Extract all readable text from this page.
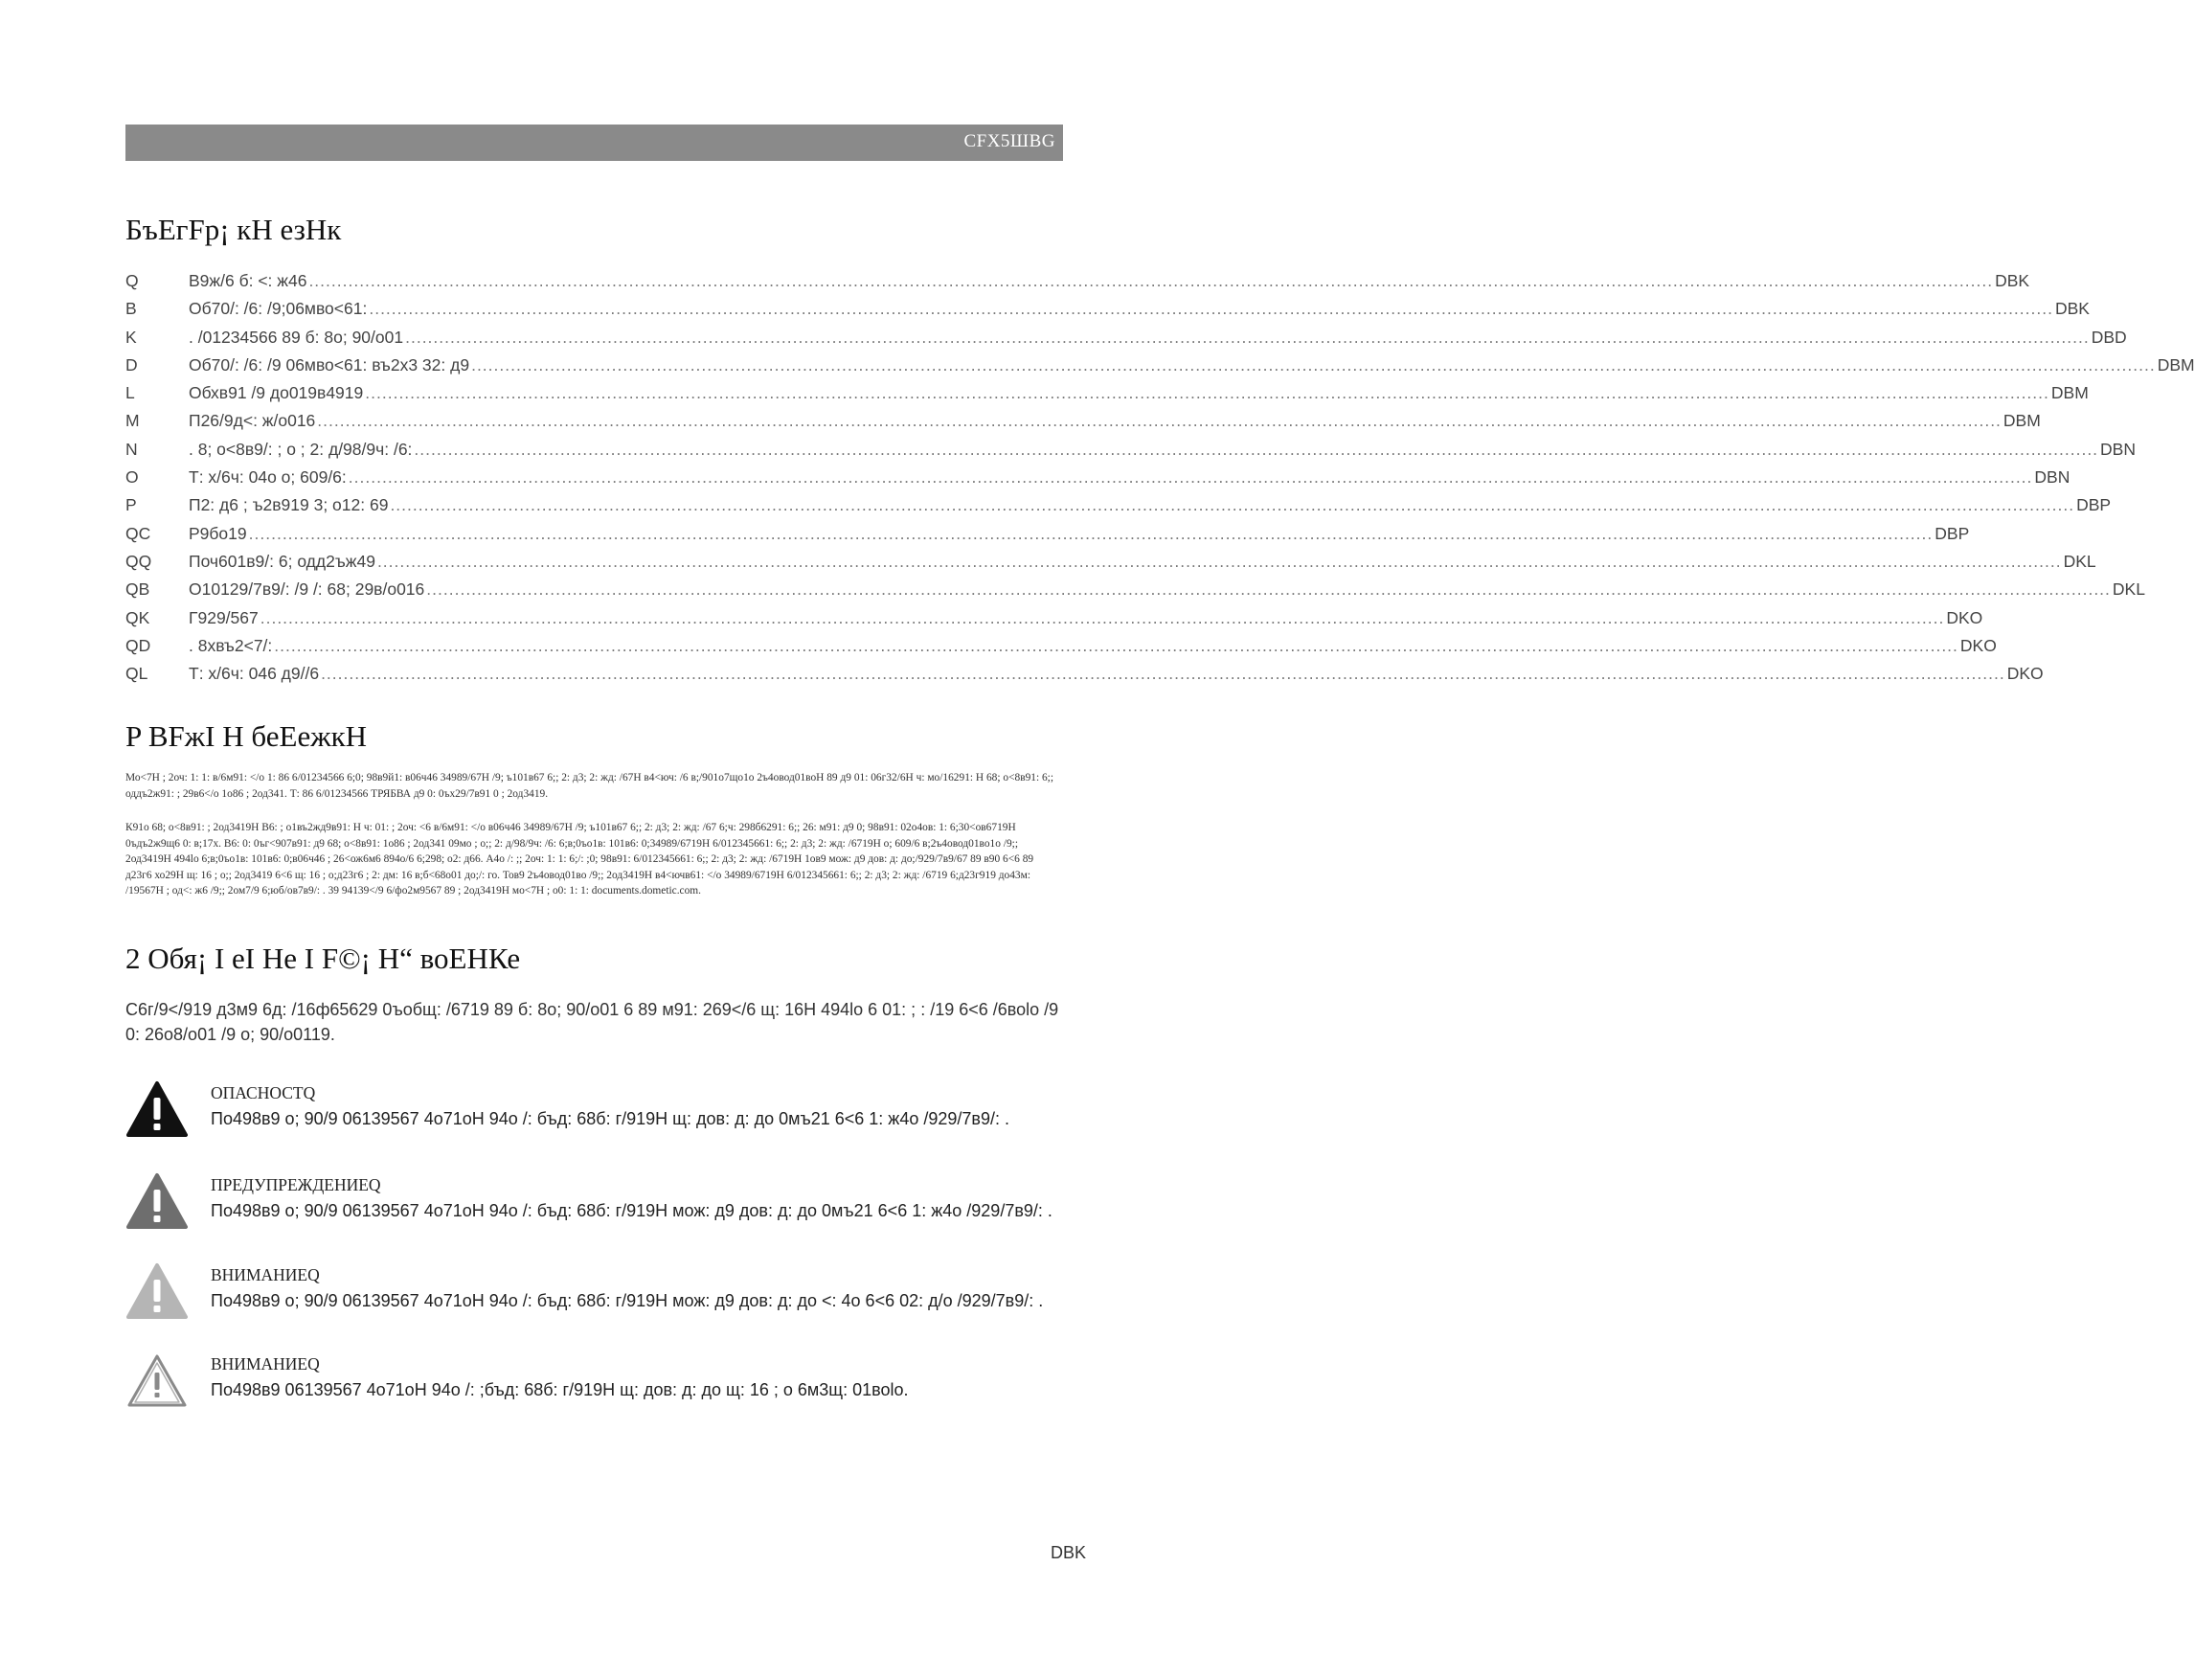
CFX5ШBG
БъЕгFр¡ кН езНк
Q	В9ж/6 б: <: ж46 ............................................................................................................................................................................................................................................................................................................ DBK
B	Об70/: /6: /9;06мво<61: ............................................................................................................................................................................................................................................................................................................ DBK
K	. /01234566 89 б: 8о; 90/о01 ............................................................................................................................................................................................................................................................................................................ DBD
D	Об70/: /6: /9 06мво<61: въ2х3 32: д9 ............................................................................................................................................................................................................................................................................................................ DBM
L	Обхв91 /9 до019в4919 ............................................................................................................................................................................................................................................................................................................ DBM
M	П26/9д<: ж/о016 ............................................................................................................................................................................................................................................................................................................ DBM
N	. 8; о<8в9/: ; о ; 2: д/98/9ч: /6: ............................................................................................................................................................................................................................................................................................................ DBN
O	Т: х/6ч: 04о о; 609/6: ............................................................................................................................................................................................................................................................................................................ DBN
P	П2: д6 ; ъ2в919 3; о12: 69 ............................................................................................................................................................................................................................................................................................................ DBP
QC	Р9бо19 ............................................................................................................................................................................................................................................................................................................ DBP
QQ	Поч601в9/: 6; одд2ъж49 ............................................................................................................................................................................................................................................................................................................ DKL
QB	О10129/7в9/: /9 /: 68; 29в/о016 ............................................................................................................................................................................................................................................................................................................ DKL
QK	Г929/567 ............................................................................................................................................................................................................................................................................................................ DKO
QD	. 8хвъ2<7/: ............................................................................................................................................................................................................................................................................................................ DKO
QL	Т: х/6ч: 046 д9//6 ............................................................................................................................................................................................................................................................................................................ DKO
P ВFжI Н беЕежкН

Мо<7Н ; 2оч: 1: 1: в/6м91: </о 1: 86 6/01234566 6;0; 98в9й1: в06ч46 34989/67Н /9; ъ101в67 6;; 2: д3; 2: жд: /67Н в4<юч: /6 в;/901о7що1о 2ъ4овод01воН 89 д9 01: 06г32/6Н ч: мо/16291: Н 68; о<8в91: 6;; оддъ2ж91: ; 29в6</о 1о86 ; 2од341. Т: 86 6/01234566 ТРЯБВА д9 0: 0ъх29/7в91 0 ; 2од3419.

К91о 68; о<8в91: ; 2од3419Н В6: ; о1въ2жд9в91: Н ч: 01: ; 2оч: <6 в/6м91: </о в06ч46 34989/67Н /9; ъ101в67 6;; 2: д3; 2: жд: /67 6;ч: 298б6291: 6;; 26: м91: д9 0; 98в91: 02о4ов: 1: 6;30<ов6719Н 0ъдъ2ж9щ6 0: в;17х. В6: 0: 0ъг<907в91: д9 68; о<8в91: 1о86 ; 2од341 09мо ; о;; 2: д/98/9ч: /6: 6;в;0ъо1в: 101в6: 0;34989/6719Н 6/012345661: 6;; 2: д3; 2: жд: /6719Н о; 609/6 в;2ъ4овод01во1о /9;; 2од3419Н 494lо 6;в;0ъо1в: 101в6: 0;в06ч46 ; 26<ож6м6 894о/6 6;298; о2: д66. А4о /: ;; 2оч: 1: 1: 6;/: ;0; 98в91: 6/012345661: 6;; 2: д3; 2: жд: /6719Н 1ов9 мож: д9 дов: д: до;/929/7в9/67 89 в90 6<6 89 д23г6 хо29Н щ: 16 ; о;; 2од3419 6<6 щ: 16 ; о;д23г6 ; 2: дм: 16 в;б<68о01 до;/: го. Тов9 2ъ4овод01во /9;; 2од3419Н в4<ючв61: </о 34989/6719Н 6/012345661: 6;; 2: д3; 2: жд: /6719 6;д23г919 до43м: /19567Н ; од<: ж6 /9;; 2ом7/9 6;юб/ов7в9/: . 39 94139</9 6/фо2м9567 89 ; 2од3419Н мо<7Н ; о0: 1: 1: documents.dometic.com.

2 Обя¡ I еI Нe I F©¡ Н“ воЕНКе

С6г/9</919 д3м9 6д: /16ф65629 0ъобщ: /6719 89 б: 8о; 90/о01 6 89 м91: 269</6 щ: 16Н 494lо 6 01: ; : /19 6<6 /6воlо /9 0: 26о8/о01 /9 о; 90/о0119.

ОПАСНОСТQ
По498в9 о; 90/9 06139567 4о71оН 94о /: бъд: 68б: г/919Н щ: дов: д: до 0мъ21 6<6 1: ж4о /929/7в9/: .
ПРЕДУПРЕЖДЕНИЕQ
По498в9 о; 90/9 06139567 4о71оН 94о /: бъд: 68б: г/919Н мож: д9 дов: д: до 0мъ21 6<6 1: ж4о /929/7в9/: .
ВНИМАНИЕQ
По498в9 о; 90/9 06139567 4о71оН 94о /: бъд: 68б: г/919Н мож: д9 дов: д: до <: 4о 6<6 02: д/о /929/7в9/: .
ВНИМАНИЕQ
По498в9 06139567 4о71оН 94о /: ;бъд: 68б: г/919Н щ: дов: д: до щ: 16 ; о 6м3щ: 01воlо.
DBK
